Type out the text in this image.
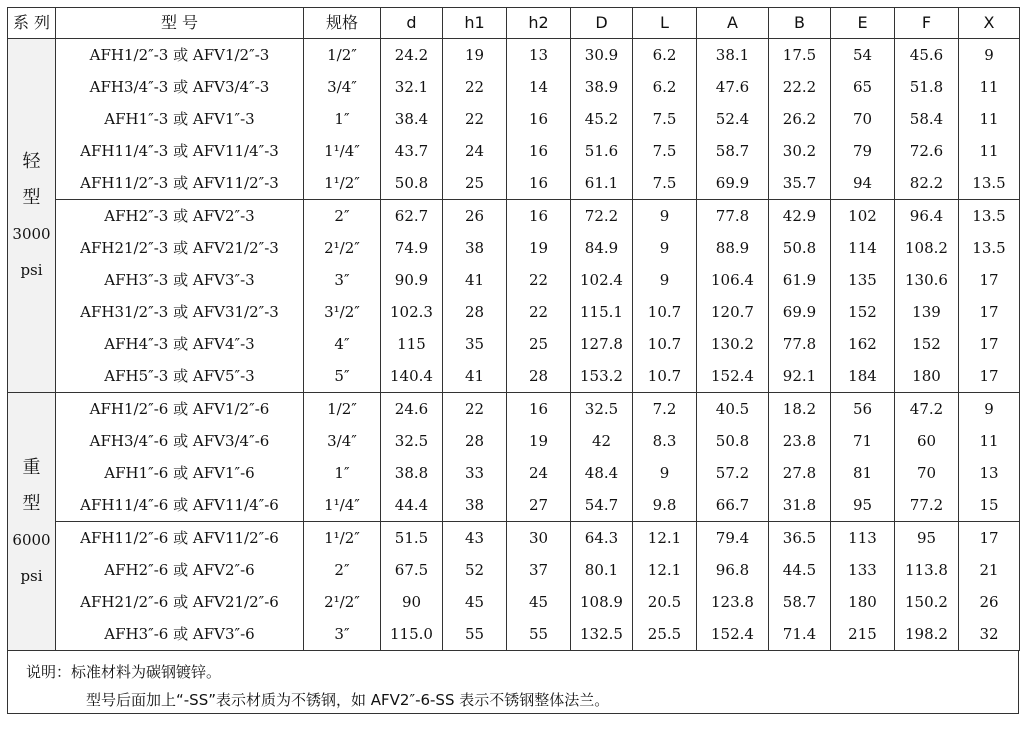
系 列	型 号	规格	d	h1	h2	D	L	A	B	E	F	X

轻
型
3000
psi	AFH1/2″-3 或 AFV1/2″-3	1/2″	24.2	19	13	30.9	6.2	38.1	17.5	54	45.6	9
	AFH3/4″-3 或 AFV3/4″-3	3/4″	32.1	22	14	38.9	6.2	47.6	22.2	65	51.8	11
	AFH1″-3 或 AFV1″-3	1″	38.4	22	16	45.2	7.5	52.4	26.2	70	58.4	11
	AFH11/4″-3 或 AFV11/4″-3	1¹/4″	43.7	24	16	51.6	7.5	58.7	30.2	79	72.6	11
	AFH11/2″-3 或 AFV11/2″-3	1¹/2″	50.8	25	16	61.1	7.5	69.9	35.7	94	82.2	13.5
	AFH2″-3 或 AFV2″-3	2″	62.7	26	16	72.2	9	77.8	42.9	102	96.4	13.5
	AFH21/2″-3 或 AFV21/2″-3	2¹/2″	74.9	38	19	84.9	9	88.9	50.8	114	108.2	13.5
	AFH3″-3 或 AFV3″-3	3″	90.9	41	22	102.4	9	106.4	61.9	135	130.6	17
	AFH31/2″-3 或 AFV31/2″-3	3¹/2″	102.3	28	22	115.1	10.7	120.7	69.9	152	139	17
	AFH4″-3 或 AFV4″-3	4″	115	35	25	127.8	10.7	130.2	77.8	162	152	17
	AFH5″-3 或 AFV5″-3	5″	140.4	41	28	153.2	10.7	152.4	92.1	184	180	17

重
型
6000
psi	AFH1/2″-6 或 AFV1/2″-6	1/2″	24.6	22	16	32.5	7.2	40.5	18.2	56	47.2	9
	AFH3/4″-6 或 AFV3/4″-6	3/4″	32.5	28	19	42	8.3	50.8	23.8	71	60	11
	AFH1″-6 或 AFV1″-6	1″	38.8	33	24	48.4	9	57.2	27.8	81	70	13
	AFH11/4″-6 或 AFV11/4″-6	1¹/4″	44.4	38	27	54.7	9.8	66.7	31.8	95	77.2	15
	AFH11/2″-6 或 AFV11/2″-6	1¹/2″	51.5	43	30	64.3	12.1	79.4	36.5	113	95	17
	AFH2″-6 或 AFV2″-6	2″	67.5	52	37	80.1	12.1	96.8	44.5	133	113.8	21
	AFH21/2″-6 或 AFV21/2″-6	2¹/2″	90	45	45	108.9	20.5	123.8	58.7	180	150.2	26
	AFH3″-6 或 AFV3″-6	3″	115.0	55	55	132.5	25.5	152.4	71.4	215	198.2	32
说明：标准材料为碳钢镀锌。
型号后面加上“-SS”表示材质为不锈钢，如 AFV2″-6-SS 表示不锈钢整体法兰。
